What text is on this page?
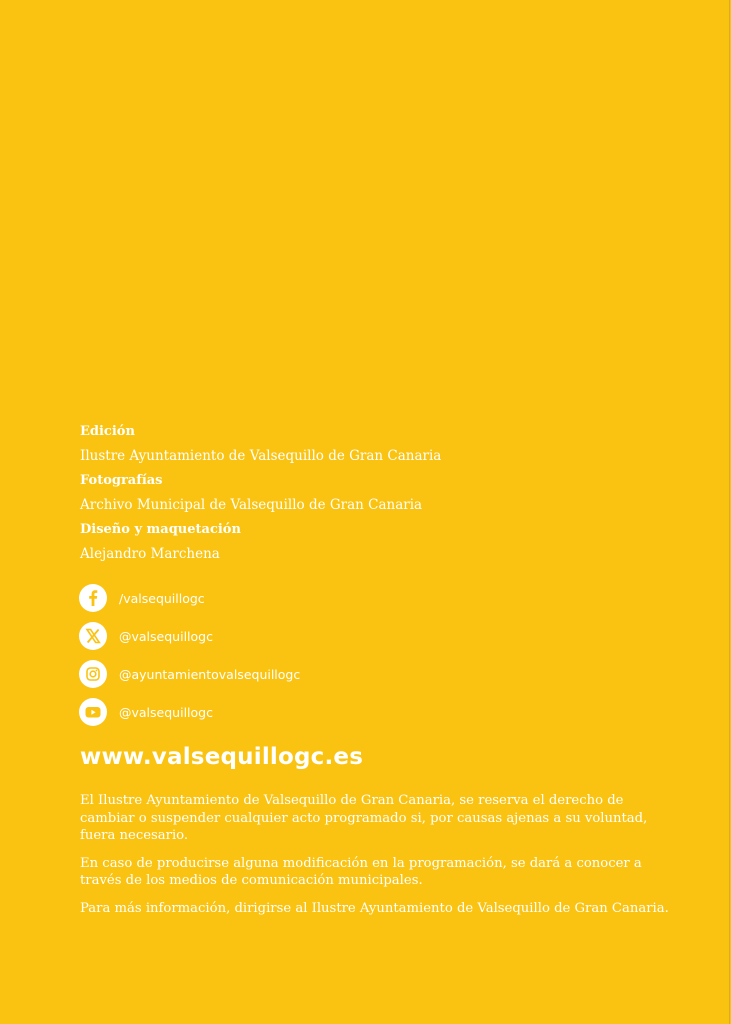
Edición

Ilustre Ayuntamiento de Valsequillo de Gran Canaria

Fotografías

Archivo Municipal de Valsequillo de Gran Canaria

Diseño y maquetación

Alejandro Marchena

/valsequillogc
@valsequillogc
@ayuntamientovalsequillogc
@valsequillogc
www.valsequillogc.es

El Ilustre Ayuntamiento de Valsequillo de Gran Canaria, se reserva el derecho de cambiar o suspender cualquier acto programado si, por causas ajenas a su voluntad, fuera necesario.

En caso de producirse alguna modificación en la programación, se dará a conocer a través de los medios de comunicación municipales.

Para más información, dirigirse al Ilustre Ayuntamiento de Valsequillo de Gran Canaria.
